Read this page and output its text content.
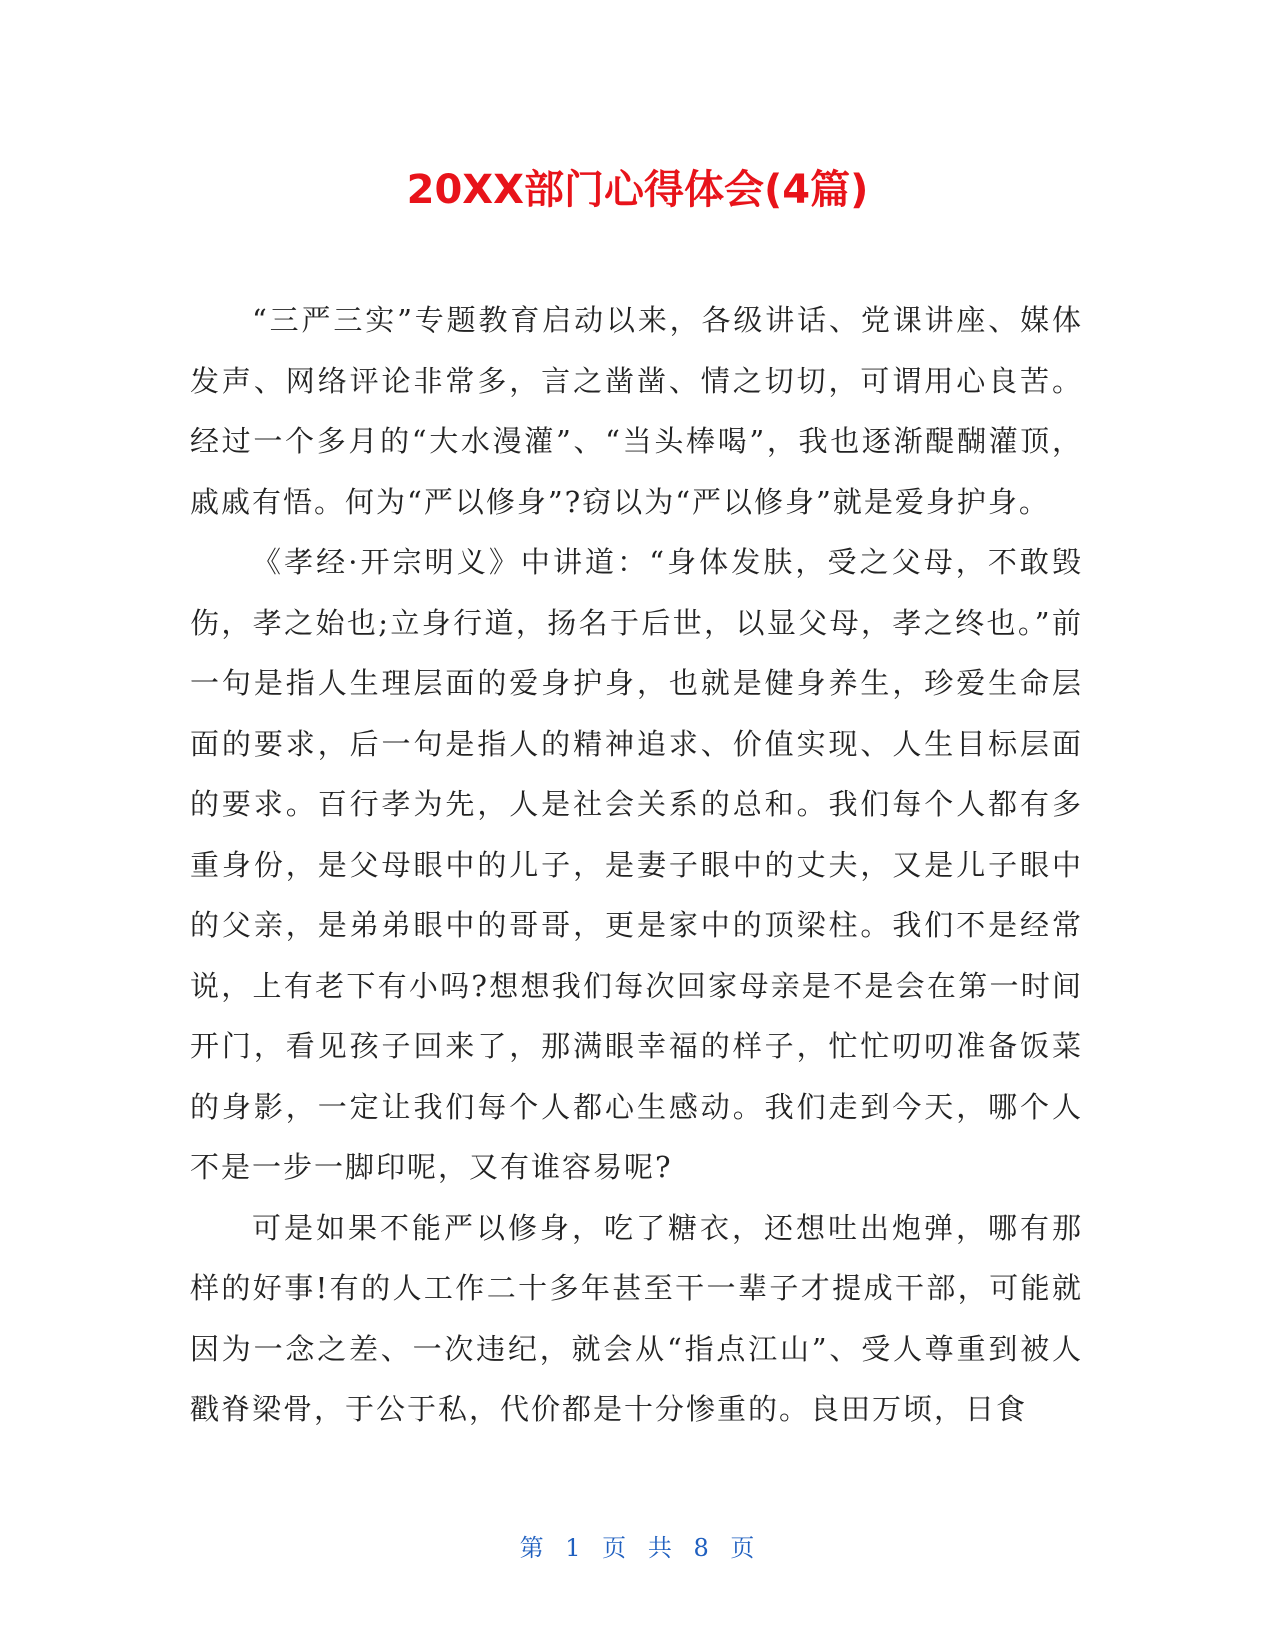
20XX部门心得体会(4篇)

“三严三实”专题教育启动以来，各级讲话、党课讲座、媒体发声、网络评论非常多，言之凿凿、情之切切，可谓用心良苦。经过一个多月的“大水漫灌”、“当头棒喝”，我也逐渐醍醐灌顶，戚戚有悟。何为“严以修身”?窃以为“严以修身”就是爱身护身。

《孝经·开宗明义》中讲道：“身体发肤，受之父母，不敢毁伤，孝之始也;立身行道，扬名于后世，以显父母，孝之终也。”前一句是指人生理层面的爱身护身，也就是健身养生，珍爱生命层面的要求，后一句是指人的精神追求、价值实现、人生目标层面的要求。百行孝为先，人是社会关系的总和。我们每个人都有多重身份，是父母眼中的儿子，是妻子眼中的丈夫，又是儿子眼中的父亲，是弟弟眼中的哥哥，更是家中的顶梁柱。我们不是经常说，上有老下有小吗?想想我们每次回家母亲是不是会在第一时间开门，看见孩子回来了，那满眼幸福的样子，忙忙叨叨准备饭菜的身影，一定让我们每个人都心生感动。我们走到今天，哪个人不是一步一脚印呢，又有谁容易呢?

可是如果不能严以修身，吃了糖衣，还想吐出炮弹，哪有那样的好事!有的人工作二十多年甚至干一辈子才提成干部，可能就因为一念之差、一次违纪，就会从“指点江山”、受人尊重到被人戳脊梁骨，于公于私，代价都是十分惨重的。良田万顷，日食

第 1 页 共 8 页
